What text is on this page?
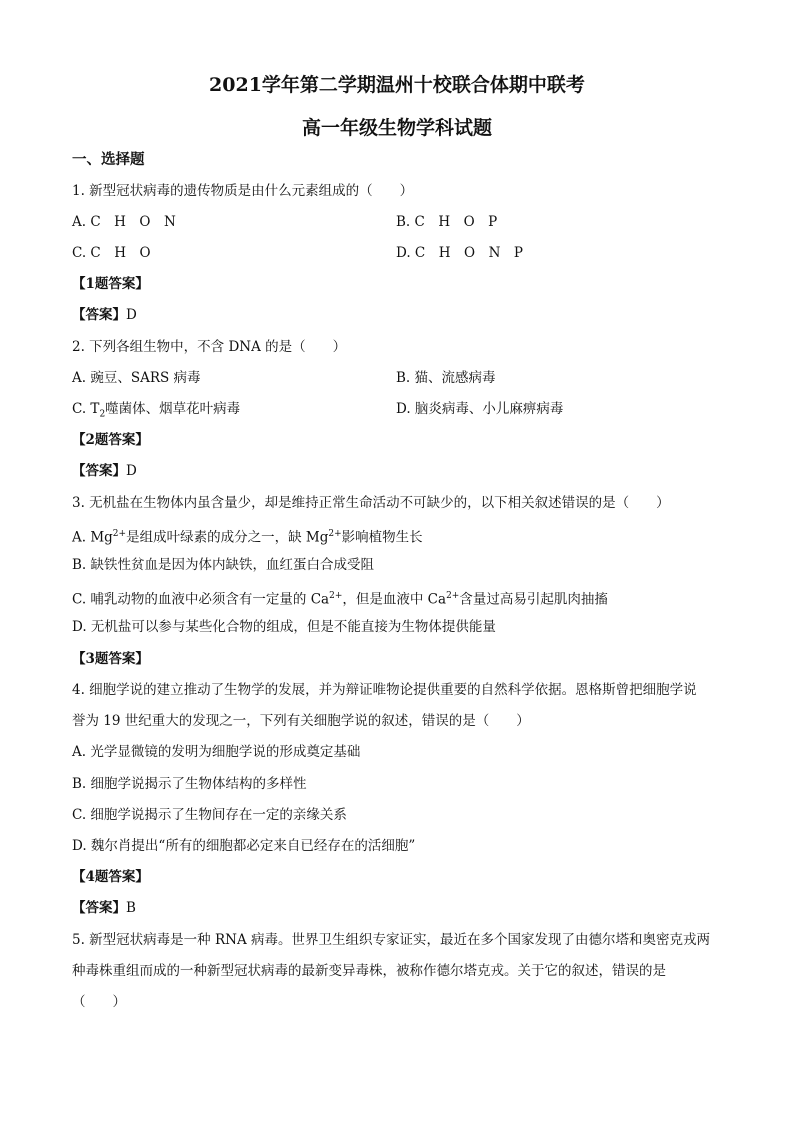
2021学年第二学期温州十校联合体期中联考
高一年级生物学科试题
一、选择题
1. 新型冠状病毒的遗传物质是由什么元素组成的（　　）
A. C　H　O　N	B. C　H　O　P
C. C　H　O	D. C　H　O　N　P
【1题答案】
【答案】D
2. 下列各组生物中，不含 DNA 的是（　　）
A. 豌豆、SARS 病毒	B. 猫、流感病毒
C. $T_2$噬菌体、烟草花叶病毒	D. 脑炎病毒、小儿麻痹病毒
【2题答案】
【答案】D
3. 无机盐在生物体内虽含量少，却是维持正常生命活动不可缺少的，以下相关叙述错误的是（　　）
A. $Mg^{2+}$是组成叶绿素的成分之一，缺 $Mg^{2+}$影响植物生长
B. 缺铁性贫血是因为体内缺铁，血红蛋白合成受阻
C. 哺乳动物的血液中必须含有一定量的 $Ca^{2+}$，但是血液中 $Ca^{2+}$含量过高易引起肌肉抽搐
D. 无机盐可以参与某些化合物的组成，但是不能直接为生物体提供能量
【3题答案】
4. 细胞学说的建立推动了生物学的发展，并为辩证唯物论提供重要的自然科学依据。恩格斯曾把细胞学说
誉为 19 世纪重大的发现之一，下列有关细胞学说的叙述，错误的是（　　）
A. 光学显微镜的发明为细胞学说的形成奠定基础
B. 细胞学说揭示了生物体结构的多样性
C. 细胞学说揭示了生物间存在一定的亲缘关系
D. 魏尔肖提出“所有的细胞都必定来自已经存在的活细胞”
【4题答案】
【答案】B
5. 新型冠状病毒是一种 RNA 病毒。世界卫生组织专家证实，最近在多个国家发现了由德尔塔和奥密克戎两
种毒株重组而成的一种新型冠状病毒的最新变异毒株，被称作德尔塔克戎。关于它的叙述，错误的是
（　　）
